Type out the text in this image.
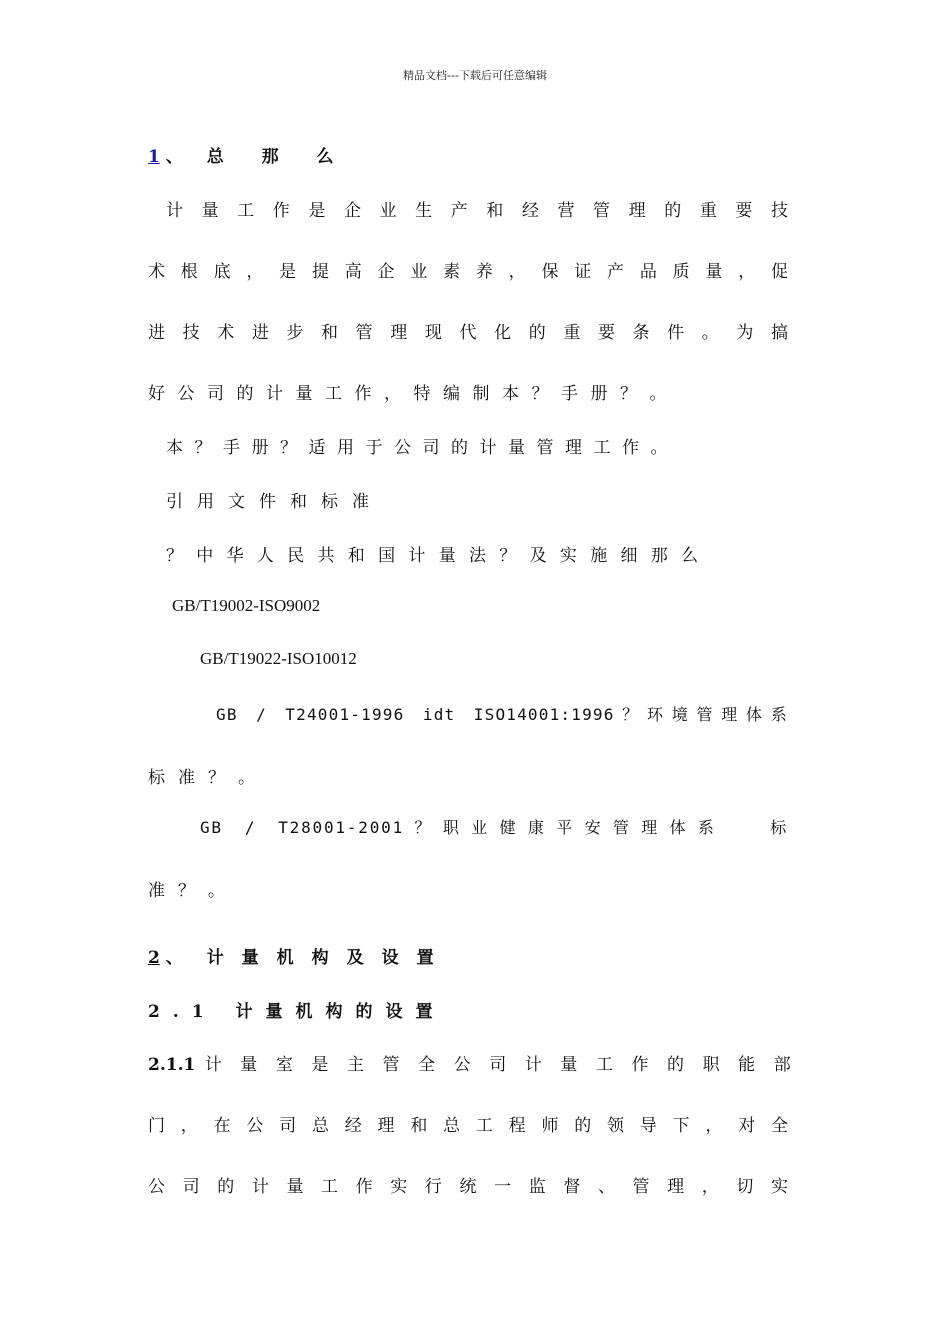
精品文档---下载后可任意编辑
1 、 总 那 么
计量工作是企业生产和经营管理的重要技
术根底，是提高企业素养，保证产品质量，促
进技术进步和管理现代化的重要条件。为搞
好公司的计量工作，特编制本？手册？。
本？手册？适用于公司的计量管理工作。
引用文件和标准
？中华人民共和国计量法？及实施细那么
GB/T19002-ISO9002
GB/T19022-ISO10012
GB / T24001-1996 idt ISO14001:1996？环境管理体系
标准？。
GB / T28001-2001？职业健康平安管理体系  标
准？。
2 、 计量机构及设置
2.1 计量机构的设置
2.1.1 计量室是主管全公司计量工作的职能部
门，在公司总经理和总工程师的领导下，对全
公司的计量工作实行统一监督、管理，切实
